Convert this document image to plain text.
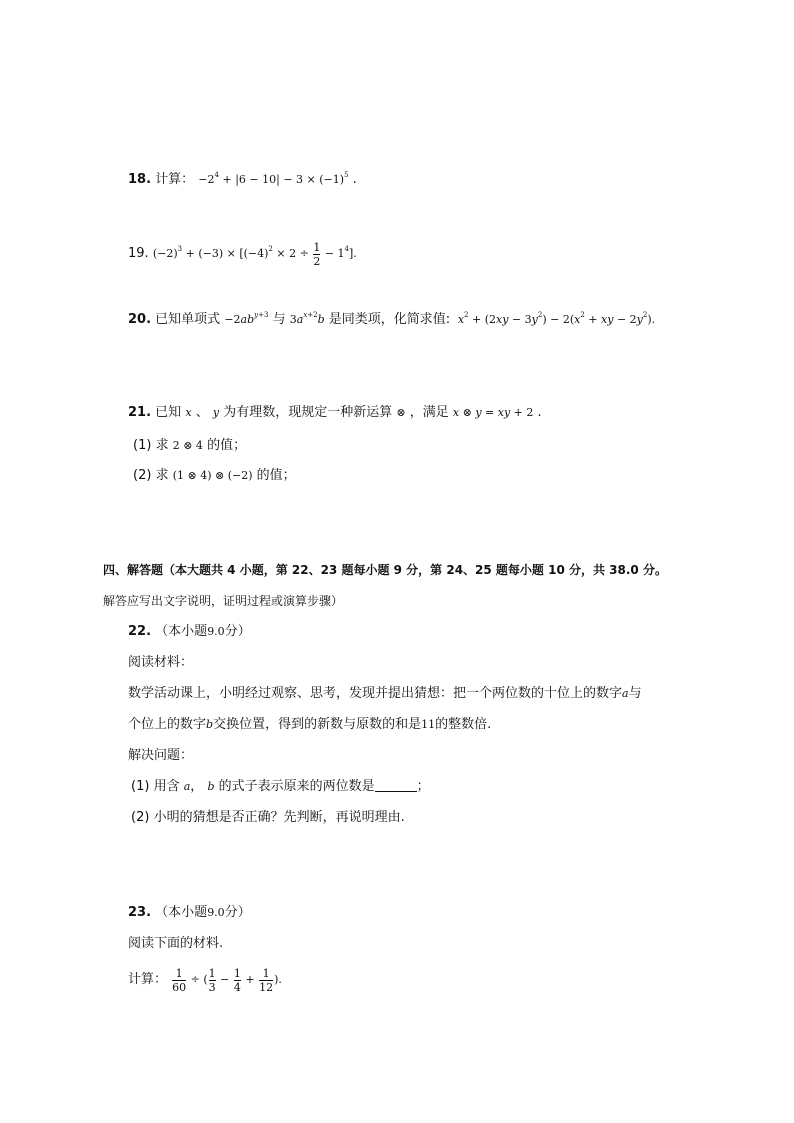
18. 计算： $-2^4 + |6 - 10| - 3 \times (-1)^5$ .
19. $(-2)^3 + (-3) \times [(-4)^2 \times 2 \div \frac{1}{2} - 1^4]$.
20. 已知单项式 $-2ab^{y+3}$ 与 $3a^{x+2}b$ 是同类项，化简求值: $x^2 + (2xy - 3y^2) - 2(x^2$ + xy − $2y^2$).
21. 已知 x 、 y 为有理数，现规定一种新运算 ⊗ ，满足 x ⊗ y = xy + 2 .
(1) 求 2 ⊗ 4 的值；
(2) 求 (1 ⊗ 4) ⊗ (−2) 的值；
四、解答题（本大题共 4 小题，第 22、23 题每小题 9 分，第 24、25 题每小题 10 分，共 38.0 分。
解答应写出文字说明，证明过程或演算步骤）
22. （本小题9.0分）
阅读材料：
数学活动课上，小明经过观察、思考，发现并提出猜想：把一个两位数的十位上的数字a与
个位上的数字b交换位置，得到的新数与原数的和是11的整数倍.
解决问题：
(1) 用含 a， b 的式子表示原来的两位数是	；
(2) 小明的猜想是否正确？先判断，再说明理由.
23. （本小题9.0分）
阅读下面的材料.
计算： $\frac{1}{60}$ ÷ ( $\frac{1}{3} - \frac{1}{4} + \frac{1}{12}$ ).
